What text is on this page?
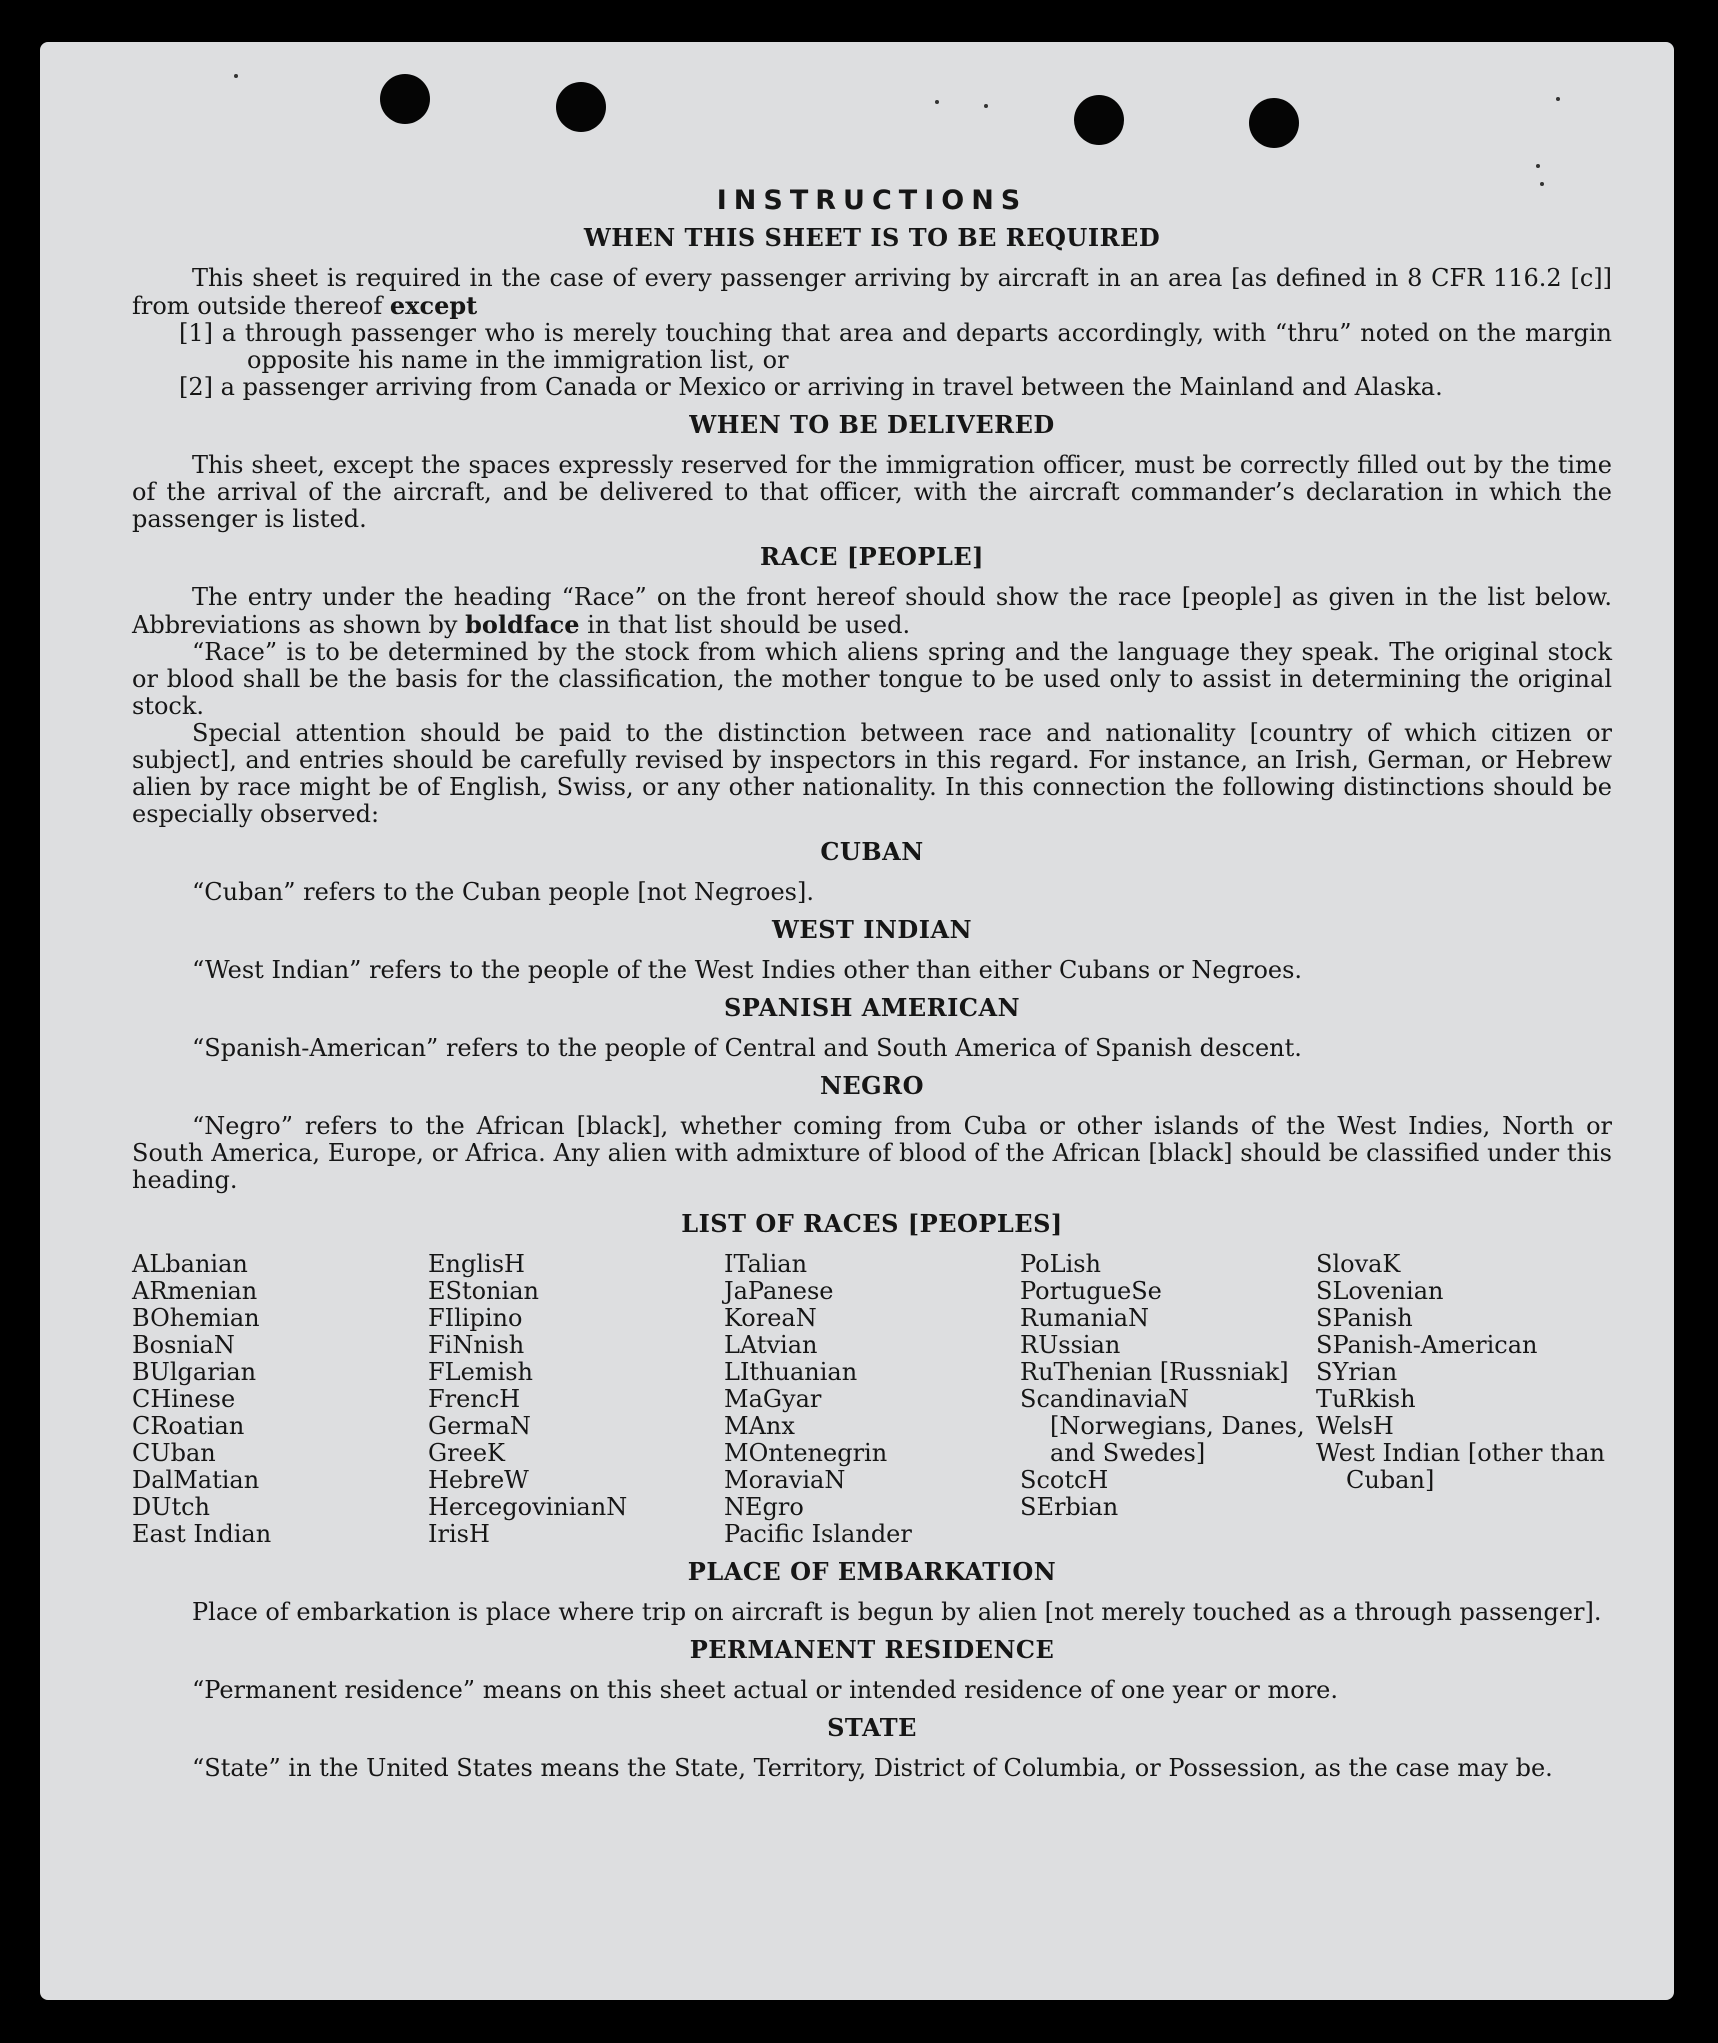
INSTRUCTIONS
WHEN THIS SHEET IS TO BE REQUIRED

This sheet is required in the case of every passenger arriving by aircraft in an area [as defined in 8 CFR 116.2 [c]] from outside thereof except

[1] a through passenger who is merely touching that area and departs accordingly, with “thru” noted on the margin opposite his name in the immigration list, or

[2] a passenger arriving from Canada or Mexico or arriving in travel between the Mainland and Alaska.

WHEN TO BE DELIVERED

This sheet, except the spaces expressly reserved for the immigration officer, must be correctly filled out by the time of the arrival of the aircraft, and be delivered to that officer, with the aircraft commander’s declaration in which the passenger is listed.

RACE [PEOPLE]

The entry under the heading “Race” on the front hereof should show the race [people] as given in the list below. Abbreviations as shown by boldface in that list should be used.

“Race” is to be determined by the stock from which aliens spring and the language they speak. The original stock or blood shall be the basis for the classification, the mother tongue to be used only to assist in determining the original stock.

Special attention should be paid to the distinction between race and nationality [country of which citizen or subject], and entries should be carefully revised by inspectors in this regard. For instance, an Irish, German, or Hebrew alien by race might be of English, Swiss, or any other nationality. In this connection the following distinctions should be especially observed:

CUBAN

“Cuban” refers to the Cuban people [not Negroes].

WEST INDIAN

“West Indian” refers to the people of the West Indies other than either Cubans or Negroes.

SPANISH AMERICAN

“Spanish-American” refers to the people of Central and South America of Spanish descent.

NEGRO

“Negro” refers to the African [black], whether coming from Cuba or other islands of the West Indies, North or South America, Europe, or Africa. Any alien with admixture of blood of the African [black] should be classified under this heading.

LIST OF RACES [PEOPLES]
ALbanian
ARmenian
BOhemian
BosniaN
BUlgarian
CHinese
CRoatian
CUban
DalMatian
DUtch
East Indian
EnglisH
EStonian
FIlipino
FiNnish
FLemish
FrencH
GermaN
GreeK
HebreW
HercegovinianN
IrisH
ITalian
JaPanese
KoreaN
LAtvian
LIthuanian
MaGyar
MAnx
MOntenegrin
MoraviaN
NEgro
Pacific Islander
PoLish
PortugueSe
RumaniaN
RUssian
RuThenian [Russniak]
ScandinaviaN [Norwegians, Danes, and Swedes]
ScotcH
SErbian
SlovaK
SLovenian
SPanish
SPanish-American
SYrian
TuRkish
WelsH
West Indian [other than Cuban]
PLACE OF EMBARKATION

Place of embarkation is place where trip on aircraft is begun by alien [not merely touched as a through passenger].

PERMANENT RESIDENCE

“Permanent residence” means on this sheet actual or intended residence of one year or more.

STATE

“State” in the United States means the State, Territory, District of Columbia, or Possession, as the case may be.
